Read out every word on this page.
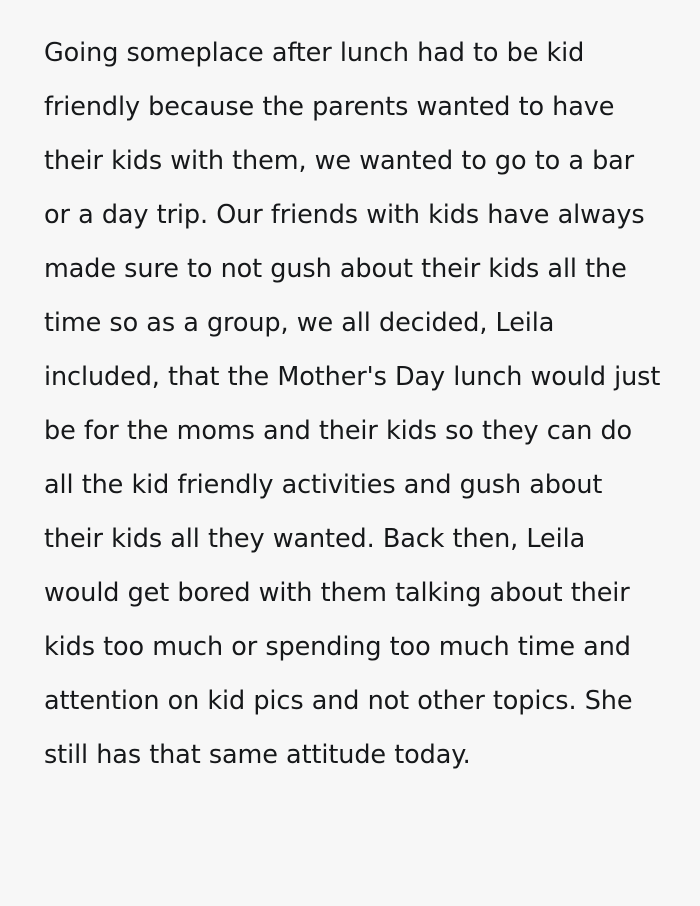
Going someplace after lunch had to be kid friendly because the parents wanted to have their kids with them, we wanted to go to a bar or a day trip. Our friends with kids have always made sure to not gush about their kids all the time so as a group, we all decided, Leila included, that the Mother's Day lunch would just be for the moms and their kids so they can do all the kid friendly activities and gush about their kids all they wanted. Back then, Leila would get bored with them talking about their kids too much or spending too much time and attention on kid pics and not other topics. She still has that same attitude today.
